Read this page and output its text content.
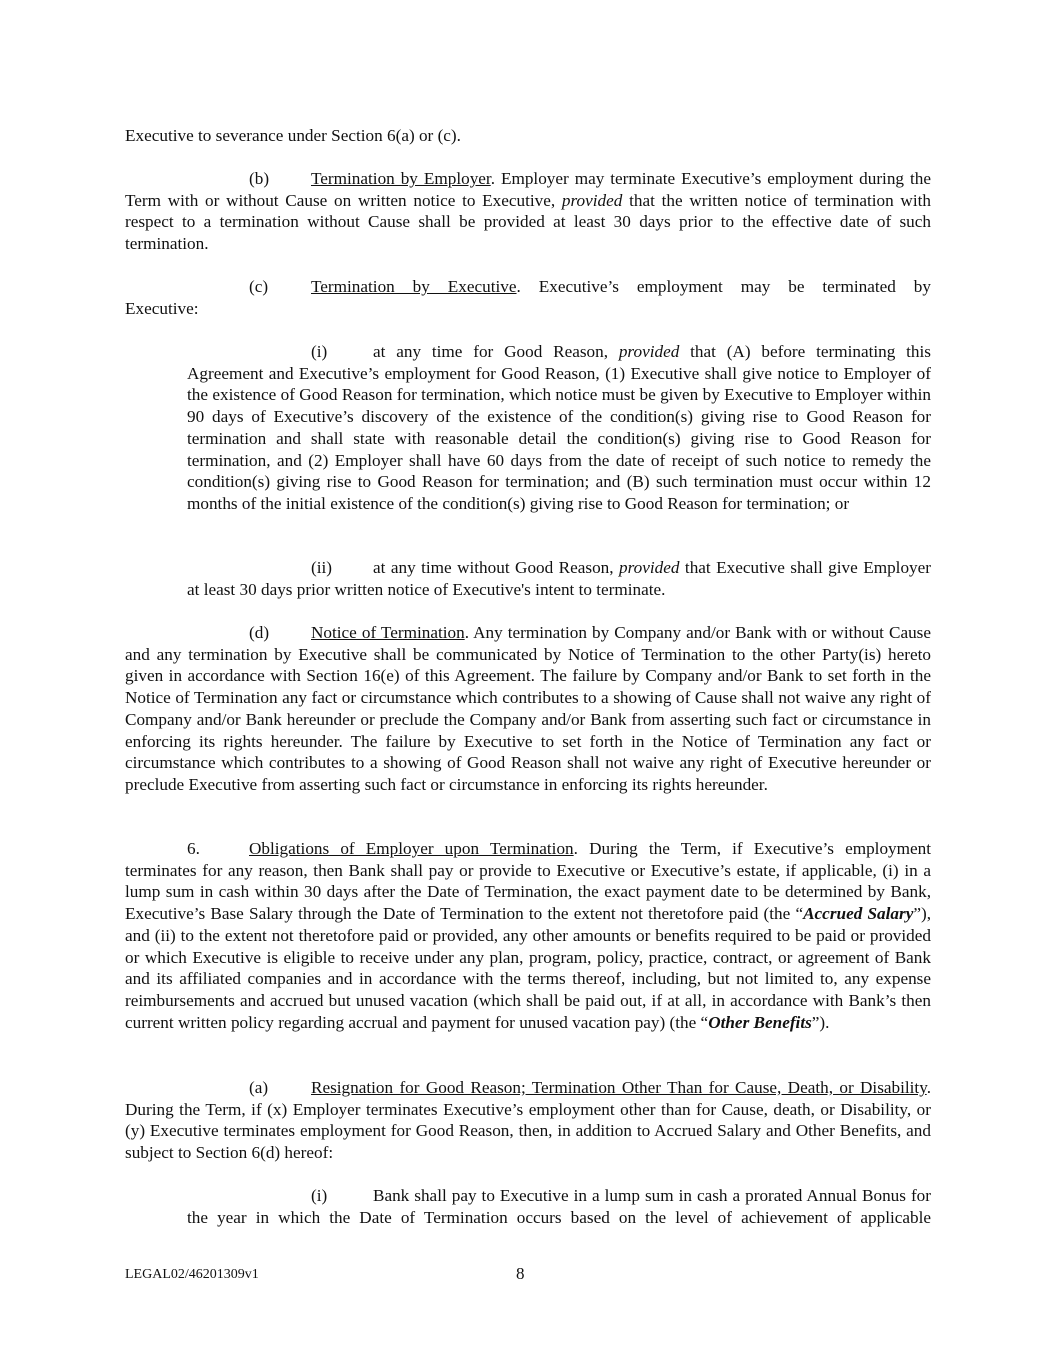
Executive to severance under Section 6(a) or (c).

(b) Termination by Employer. Employer may terminate Executive’s employment during the Term with or without Cause on written notice to Executive, provided that the written notice of termination with respect to a termination without Cause shall be provided at least 30 days prior to the effective date of such termination.

(c) Termination by Executive. Executive’s employment may be terminated by

Executive:

(i)	at any time for Good Reason, provided that (A) before terminating this Agreement and Executive’s employment for Good Reason, (1) Executive shall give notice to Employer of the existence of Good Reason for termination, which notice must be given by Executive to Employer within 90 days of Executive’s discovery of the existence of the condition(s) giving rise to Good Reason for termination and shall state with reasonable detail the condition(s) giving rise to Good Reason for termination, and (2) Employer shall have 60 days from the date of receipt of such notice to remedy the condition(s) giving rise to Good Reason for termination; and (B) such termination must occur within 12 months of the initial existence of the condition(s) giving rise to Good Reason for termination; or

(ii) at any time without Good Reason, provided that Executive shall give Employer at least 30 days prior written notice of Executive's intent to terminate.

(d) Notice of Termination. Any termination by Company and/or Bank with or without Cause and any termination by Executive shall be communicated by Notice of Termination to the other Party(is) hereto given in accordance with Section 16(e) of this Agreement. The failure by Company and/or Bank to set forth in the Notice of Termination any fact or circumstance which contributes to a showing of Cause shall not waive any right of Company and/or Bank hereunder or preclude the Company and/or Bank from asserting such fact or circumstance in enforcing its rights hereunder. The failure by Executive to set forth in the Notice of Termination any fact or circumstance which contributes to a showing of Good Reason shall not waive any right of Executive hereunder or preclude Executive from asserting such fact or circumstance in enforcing its rights hereunder.

6.	Obligations of Employer upon Termination. During the Term, if Executive’s employment terminates for any reason, then Bank shall pay or provide to Executive or Executive’s estate, if applicable, (i) in a lump sum in cash within 30 days after the Date of Termination, the exact payment date to be determined by Bank, Executive’s Base Salary through the Date of Termination to the extent not theretofore paid (the “Accrued Salary”), and (ii) to the extent not theretofore paid or provided, any other amounts or benefits required to be paid or provided or which Executive is eligible to receive under any plan, program, policy, practice, contract, or agreement of Bank and its affiliated companies and in accordance with the terms thereof, including, but not limited to, any expense reimbursements and accrued but unused vacation (which shall be paid out, if at all, in accordance with Bank’s then current written policy regarding accrual and payment for unused vacation pay) (the “Other Benefits”).

(a) Resignation for Good Reason; Termination Other Than for Cause, Death, or Disability. During the Term, if (x) Employer terminates Executive’s employment other than for Cause, death, or Disability, or (y) Executive terminates employment for Good Reason, then, in addition to Accrued Salary and Other Benefits, and subject to Section 6(d) hereof:

(i)	Bank shall pay to Executive in a lump sum in cash a prorated Annual Bonus for the year in which the Date of Termination occurs based on the level of achievement of applicable

LEGAL02/46201309v1	8
